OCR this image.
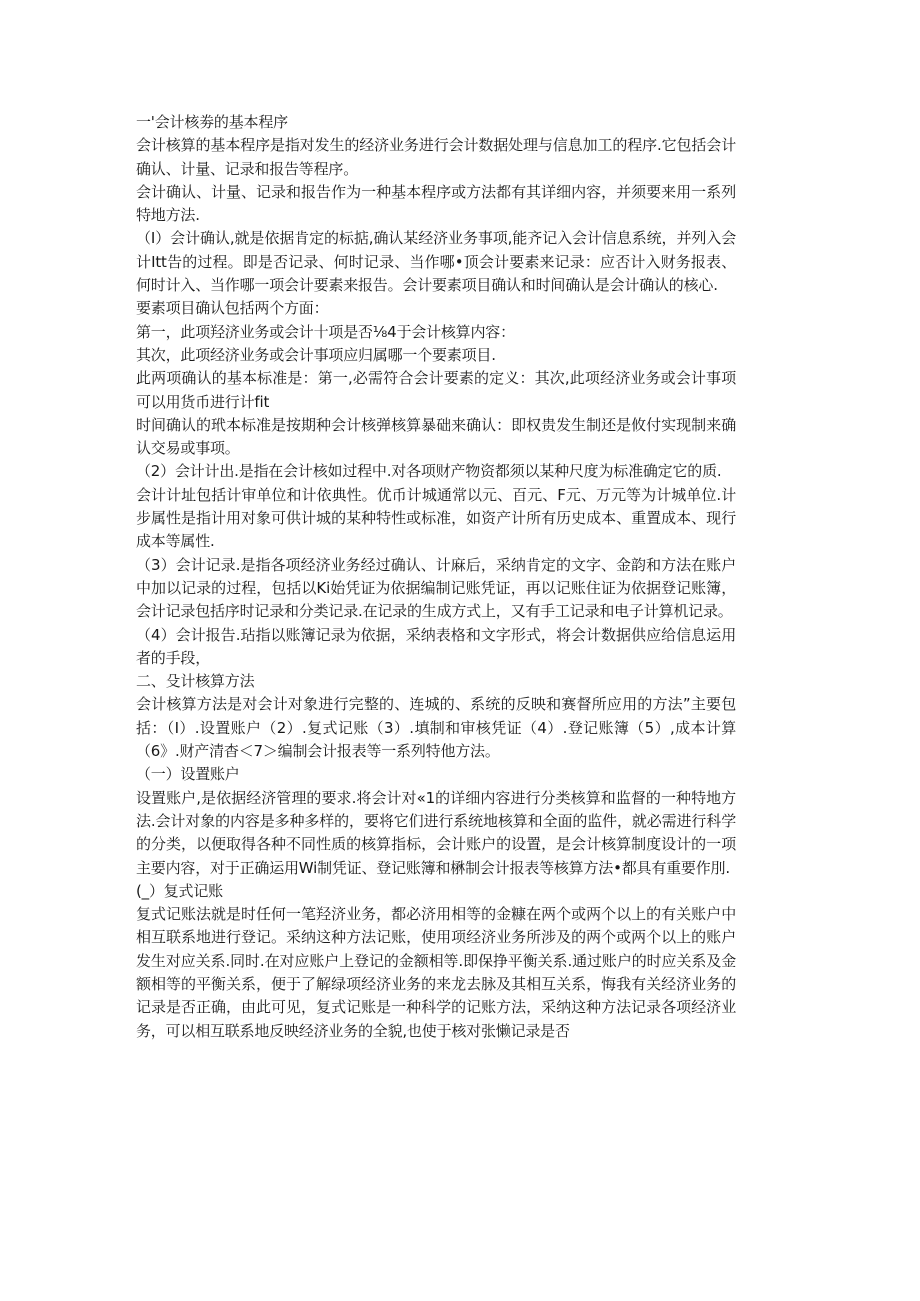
一'会计核劵的基本程序

会计核算的基本程序是指对发生的经济业务进行会计数据处理与信息加工的程序.它包括会计确认、计量、记录和报告等程序。

会计确认、计量、记录和报告作为一种基本程序或方法都有其详细内容，并须要来用一系列特地方法.

（I）会计确认,就是依据肯定的标掂,确认某经济业务事项,能齐记入会计信息系统，并列入会计Itt告的过程。即是否记录、何时记录、当作哪•顶会计要素来记录：应否计入财务报表、何时计入、当作哪一项会计要素来报告。会计要素项目确认和时间确认是会计确认的核心.

要素项目确认包括两个方面：

第一，此项羟济业务或会计十项是否⅛4于会计核算内容：

其次，此项经济业务或会计事项应归属哪一个要素项目.

此两项确认的基本标准是：第一,必需符合会计要素的定义：其次,此项经济业务或会计事项可以用货币进行计fit

时间确认的玳本标准是按期种会计核弹核算暴础来确认：即权贵发生制还是攸付实现制来确认交易或事项。

（2）会计计出.是指在会计核如过程中.对各项财产物资都须以某种尺度为标准确定它的质.

会计计址包括计审单位和计依典性。优币计城通常以元、百元、F元、万元等为计城单位.计步属性是指计用对象可供计城的某种特性或标准，如资产计所有历史成本、重置成本、现行成本等属性.

（3）会计记录.是指各项经济业务经过确认、计麻后，采纳肯定的文字、金韵和方法在账户中加以记录的过程，包括以Ki始凭证为依据编制记账凭证，再以记账住证为依据登记账簿，会计记录包括序时记录和分类记录.在记录的生成方式上，又有手工记录和电子计算机记录。

（4）会计报告.玷指以账簿记录为依据，采纳表格和文字形式，将会计数据供应给信息运用者的手段，

二、殳计核算方法

会计核算方法是对会计对象进行完整的、连城的、系统的反映和赛督所应用的方法”主要包括：（I）.设置账户（2）.复式记账（3）.填制和审核凭证（4）.登记账簿（5）,成本计算（6》.财产清杳＜7＞编制会计报表等一系列特他方法。

（一）设置账户

设置账户,是依据经济管理的要求.将会计对«1的详细内容进行分类核算和监督的一种特地方法.会计对象的内容是多种多样的，要将它们进行系统地核算和全面的监件，就必需进行科学的分类，以便取得各种不同性质的核算指标，会计账户的设置，是会计核算制度设计的一项主要内容，对于正确运用Wi制凭证、登记账簿和楙制会计报表等核算方法•都具有重要作刖.

(_）复式记账

复式记账法就是时任何一笔羟济业务，都必济用相等的金糠在两个或两个以上的有关账户中相互联系地进行登记。采纳这种方法记账，使用项经济业务所涉及的两个或两个以上的账户发生对应关系.同时.在对应账户上登记的金额相等.即保挣平衡关系.通过账户的时应关系及金额相等的平衡关系，便于了解绿项经济业务的来龙去脉及其相互关系，悔我有关经济业务的记录是否正确，由此可见，复式记账是一种科学的记账方法，采纳这种方法记录各项经济业务，可以相互联系地反映经济业务的全貌,也使于核对张懒记录是否
